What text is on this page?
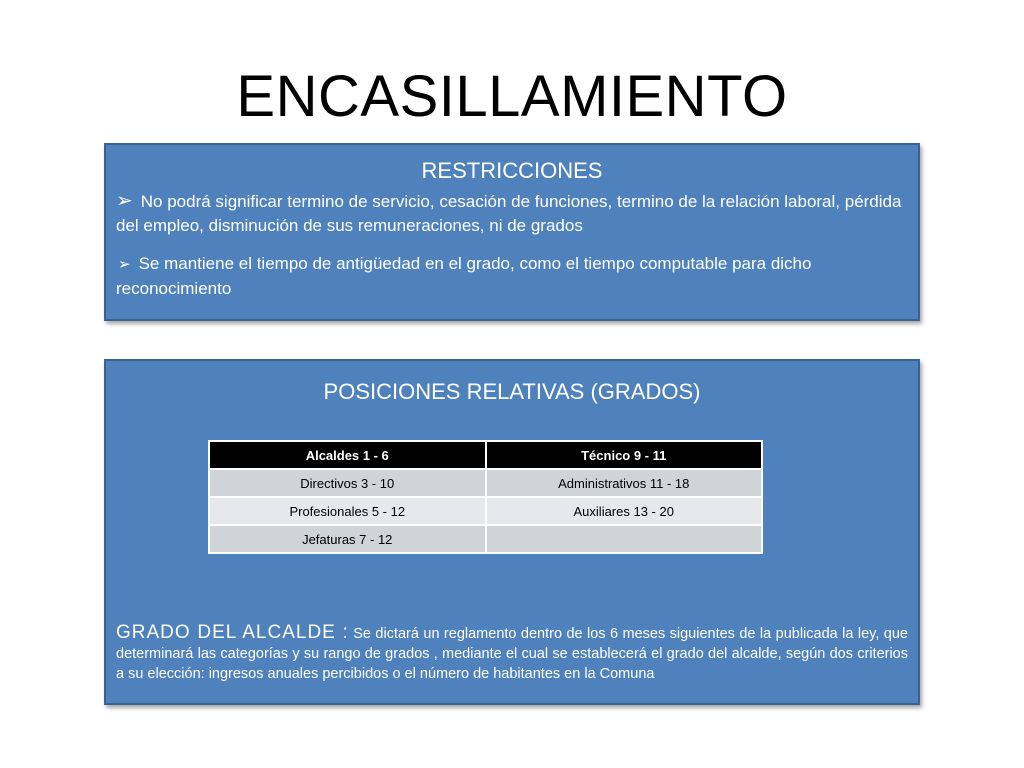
ENCASILLAMIENTO
RESTRICCIONES
➢ No podrá significar termino de servicio, cesación de funciones, termino de la relación laboral, pérdida del empleo, disminución de sus remuneraciones, ni de grados
➢ Se mantiene el tiempo de antigüedad en el grado, como el tiempo computable para dicho reconocimiento
POSICIONES RELATIVAS (GRADOS)
Alcaldes 1 - 6	Técnico 9 - 11
Directivos 3 - 10	Administrativos 11 - 18
Profesionales 5 - 12	Auxiliares 13 - 20
Jefaturas 7 - 12	
GRADO DEL ALCALDE : Se dictará un reglamento dentro de los 6 meses siguientes de la publicada la ley, que determinará las categorías y su rango de grados , mediante el cual se establecerá el grado del alcalde, según dos criterios a su elección: ingresos anuales percibidos o el número de habitantes en la Comuna
